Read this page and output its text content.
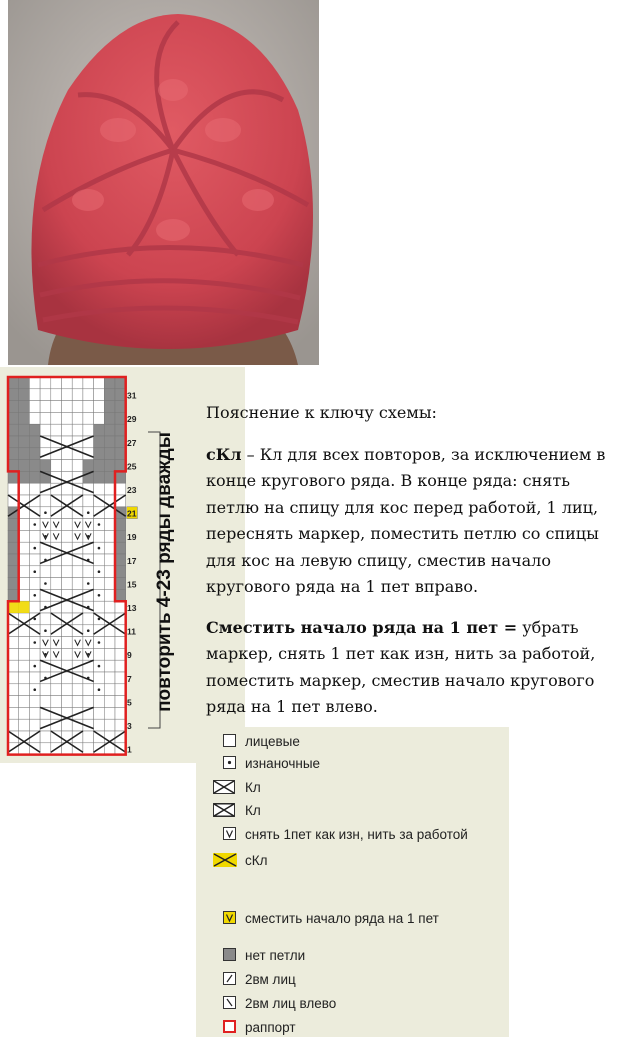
31
29
27
25
23
21
19
17
15
13
11
9
7
5
3
1
повторить 4-23 ряды дважды

Пояснение к ключу схемы:

сКл – Кл для всех повторов, за исключением в конце кругового ряда. В конце ряда: снять петлю на спицу для кос перед работой, 1 лиц, переснять маркер, поместить петлю со спицы для кос на левую спицу, сместив начало кругового ряда на 1 пет вправо.

Сместить начало ряда на 1 пет = убрать маркер, снять 1 пет как изн, нить за работой, поместить маркер, сместив начало кругового ряда на 1 пет влево.

лицевые
изнаночные
Кл
Кл
снять 1пет как изн, нить за работой
сКл
сместить начало ряда на 1 пет
нет петли
2вм лиц
2вм лиц влево
раппорт
